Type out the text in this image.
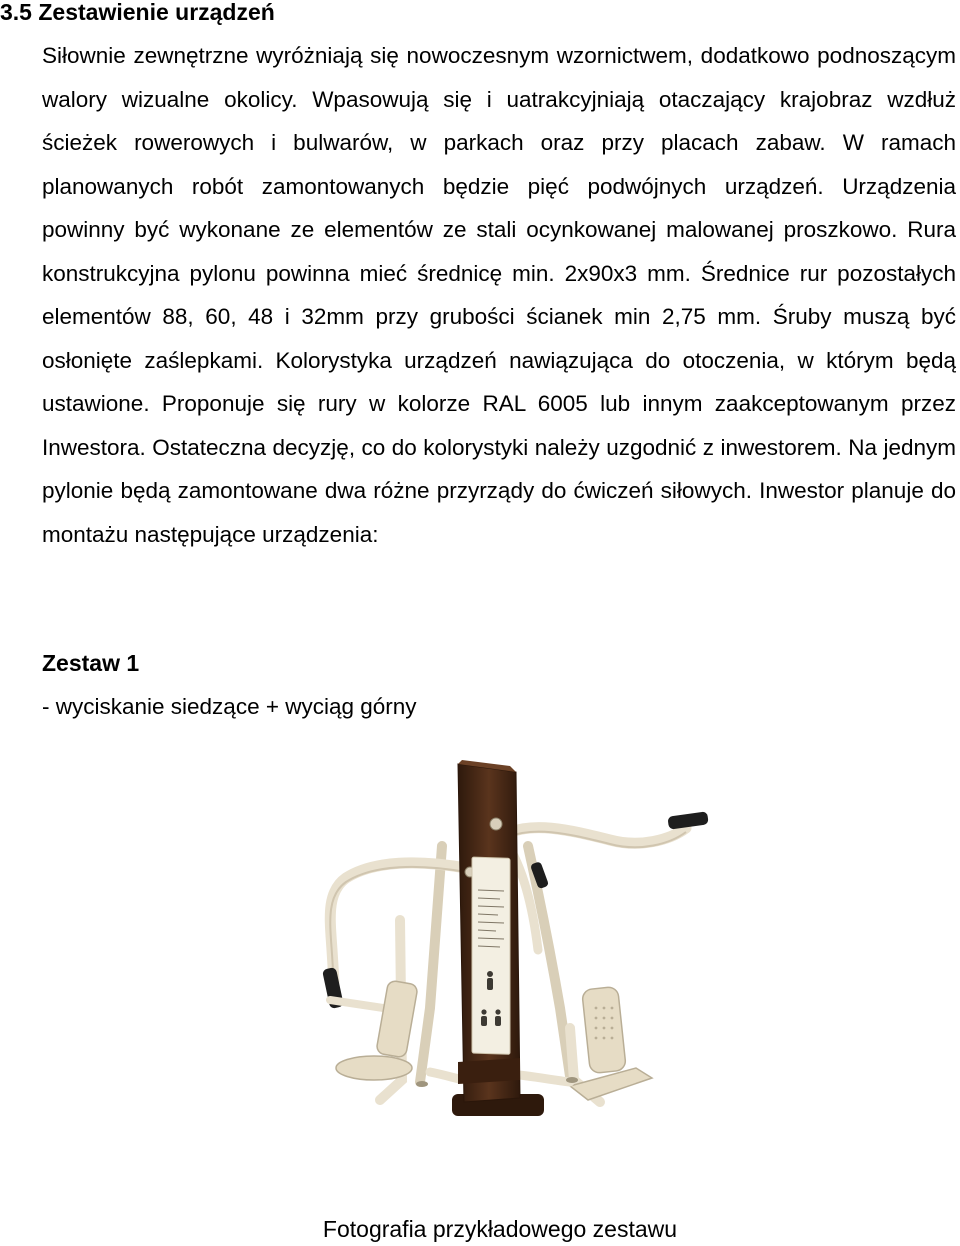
3.5 Zestawienie urządzeń

Siłownie zewnętrzne wyróżniają się nowoczesnym wzornictwem, dodatkowo podnoszącym walory wizualne okolicy. Wpasowują się i uatrakcyjniają otaczający krajobraz wzdłuż ścieżek rowerowych i bulwarów, w parkach oraz przy placach zabaw. W ramach planowanych robót zamontowanych będzie pięć podwójnych urządzeń. Urządzenia powinny być wykonane ze elementów ze stali ocynkowanej malowanej proszkowo. Rura konstrukcyjna pylonu powinna mieć średnicę min. 2x90x3 mm. Średnice rur pozostałych elementów 88, 60, 48 i 32mm przy grubości ścianek min 2,75 mm. Śruby muszą być osłonięte zaślepkami. Kolorystyka urządzeń nawiązująca do otoczenia, w którym będą ustawione. Proponuje się rury w kolorze RAL 6005 lub innym zaakceptowanym przez Inwestora. Ostateczna decyzję, co do kolorystyki należy uzgodnić z inwestorem. Na jednym pylonie będą zamontowane dwa różne przyrządy do ćwiczeń siłowych. Inwestor planuje do montażu następujące urządzenia:

Zestaw 1

- wyciskanie siedzące + wyciąg górny

Fotografia przykładowego zestawu
